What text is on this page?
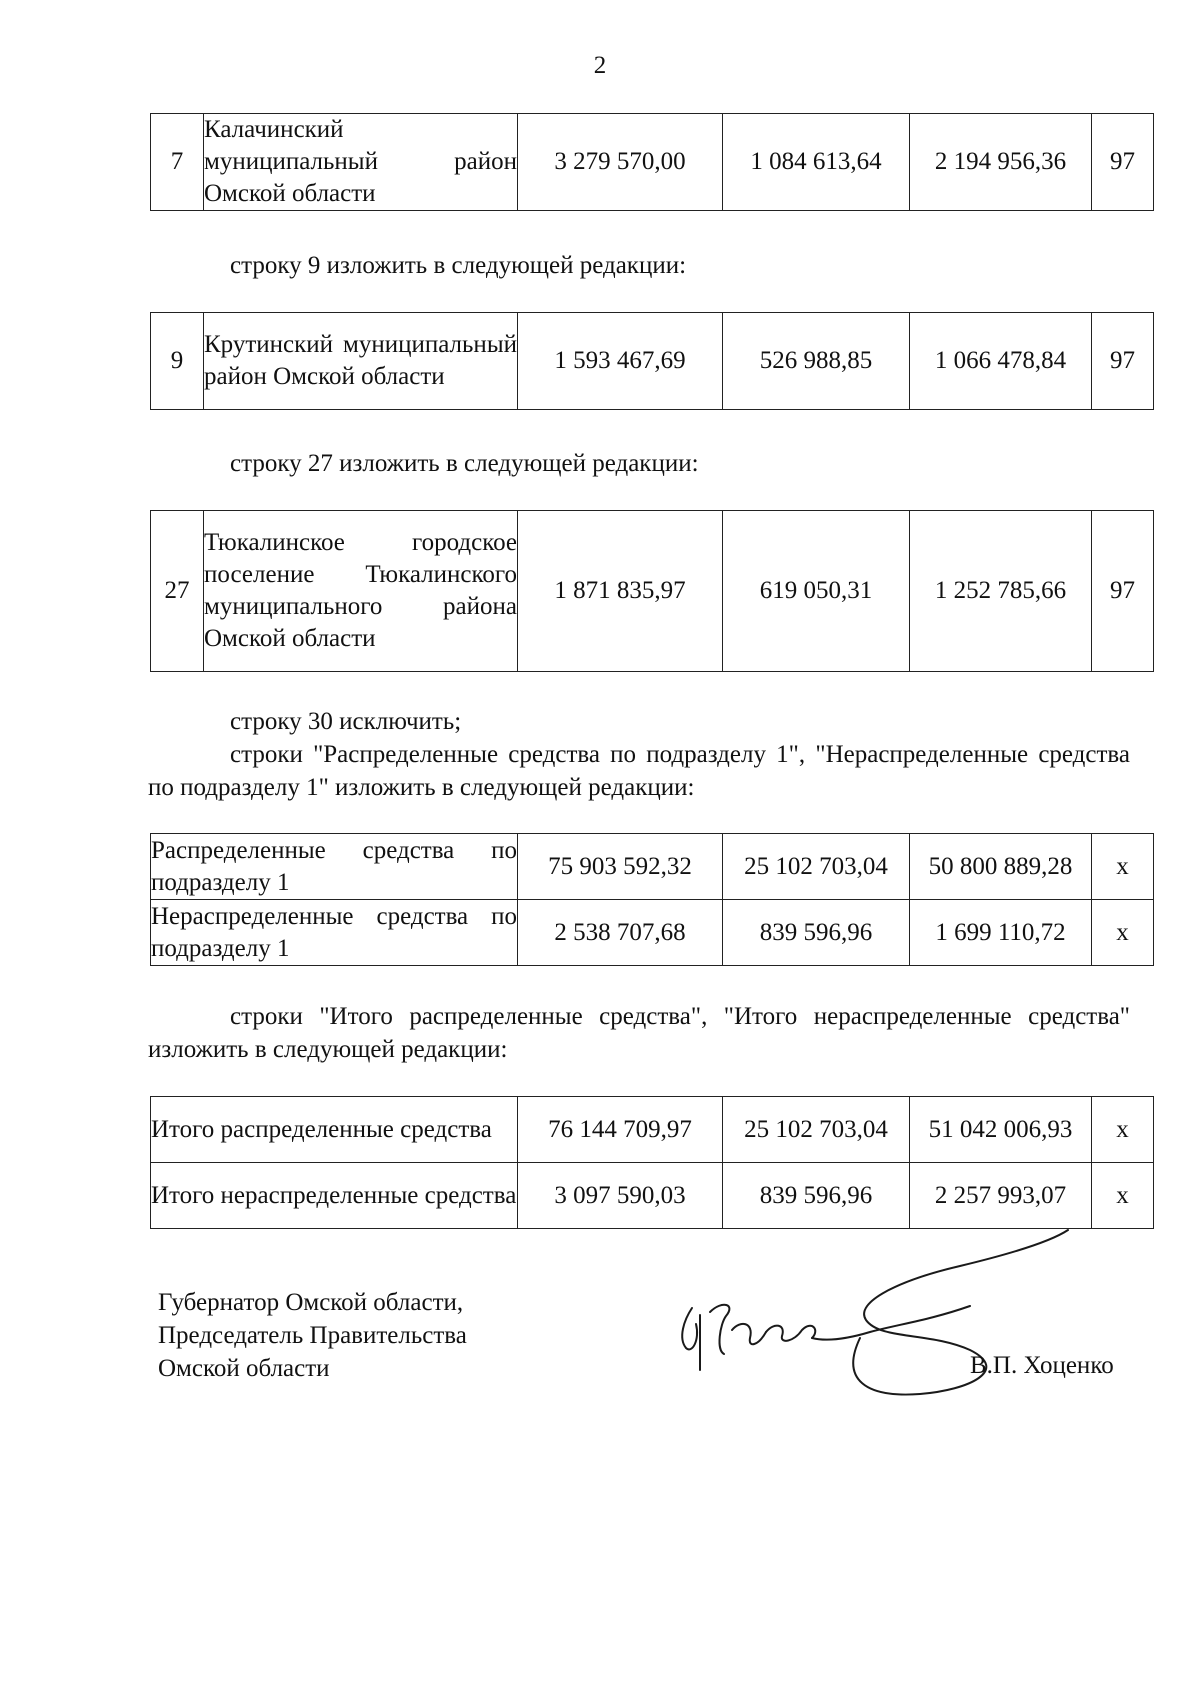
2
7	Калачинский муниципальный район Омской области	3 279 570,00	1 084 613,64	2 194 956,36	97
строку 9 изложить в следующей редакции:
9	Крутинский муниципальный район Омской области	1 593 467,69	526 988,85	1 066 478,84	97
строку 27 изложить в следующей редакции:
27	Тюкалинское городское поселение Тюкалинского муниципального района Омской области	1 871 835,97	619 050,31	1 252 785,66	97
строку 30 исключить;
строки "Распределенные средства по подразделу 1", "Нераспределенные средства по подразделу 1" изложить в следующей редакции:
Распределенные средства по подразделу 1	75 903 592,32	25 102 703,04	50 800 889,28	х
Нераспределенные средства по подразделу 1	2 538 707,68	839 596,96	1 699 110,72	х
строки "Итого распределенные средства", "Итого нераспределенные средства" изложить в следующей редакции:
Итого распределенные средства	76 144 709,97	25 102 703,04	51 042 006,93	х
Итого нераспределенные средства	3 097 590,03	839 596,96	2 257 993,07	х
Губернатор Омской области,
Председатель Правительства
Омской области	В.П. Хоценко
